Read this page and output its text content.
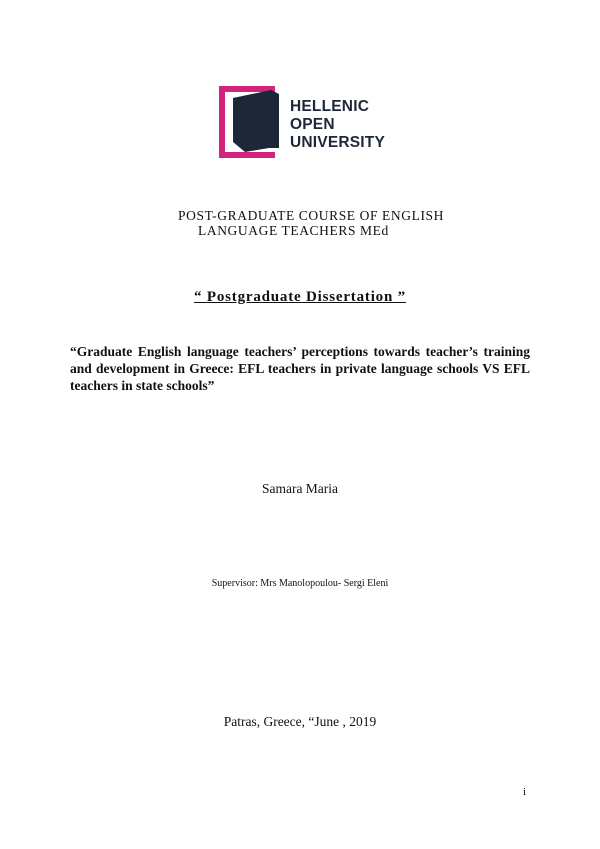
HELLENIC
OPEN
UNIVERSITY
POST-GRADUATE COURSE OF ENGLISH
LANGUAGE TEACHERS MEd
“ Postgraduate Dissertation ”
“Graduate English language teachers’ perceptions towards teacher’s training and development in Greece: EFL teachers in private language schools VS EFL teachers in state schools”
Samara Maria
Supervisor: Mrs Manolopoulou- Sergi Eleni
Patras, Greece, “June , 2019
i
